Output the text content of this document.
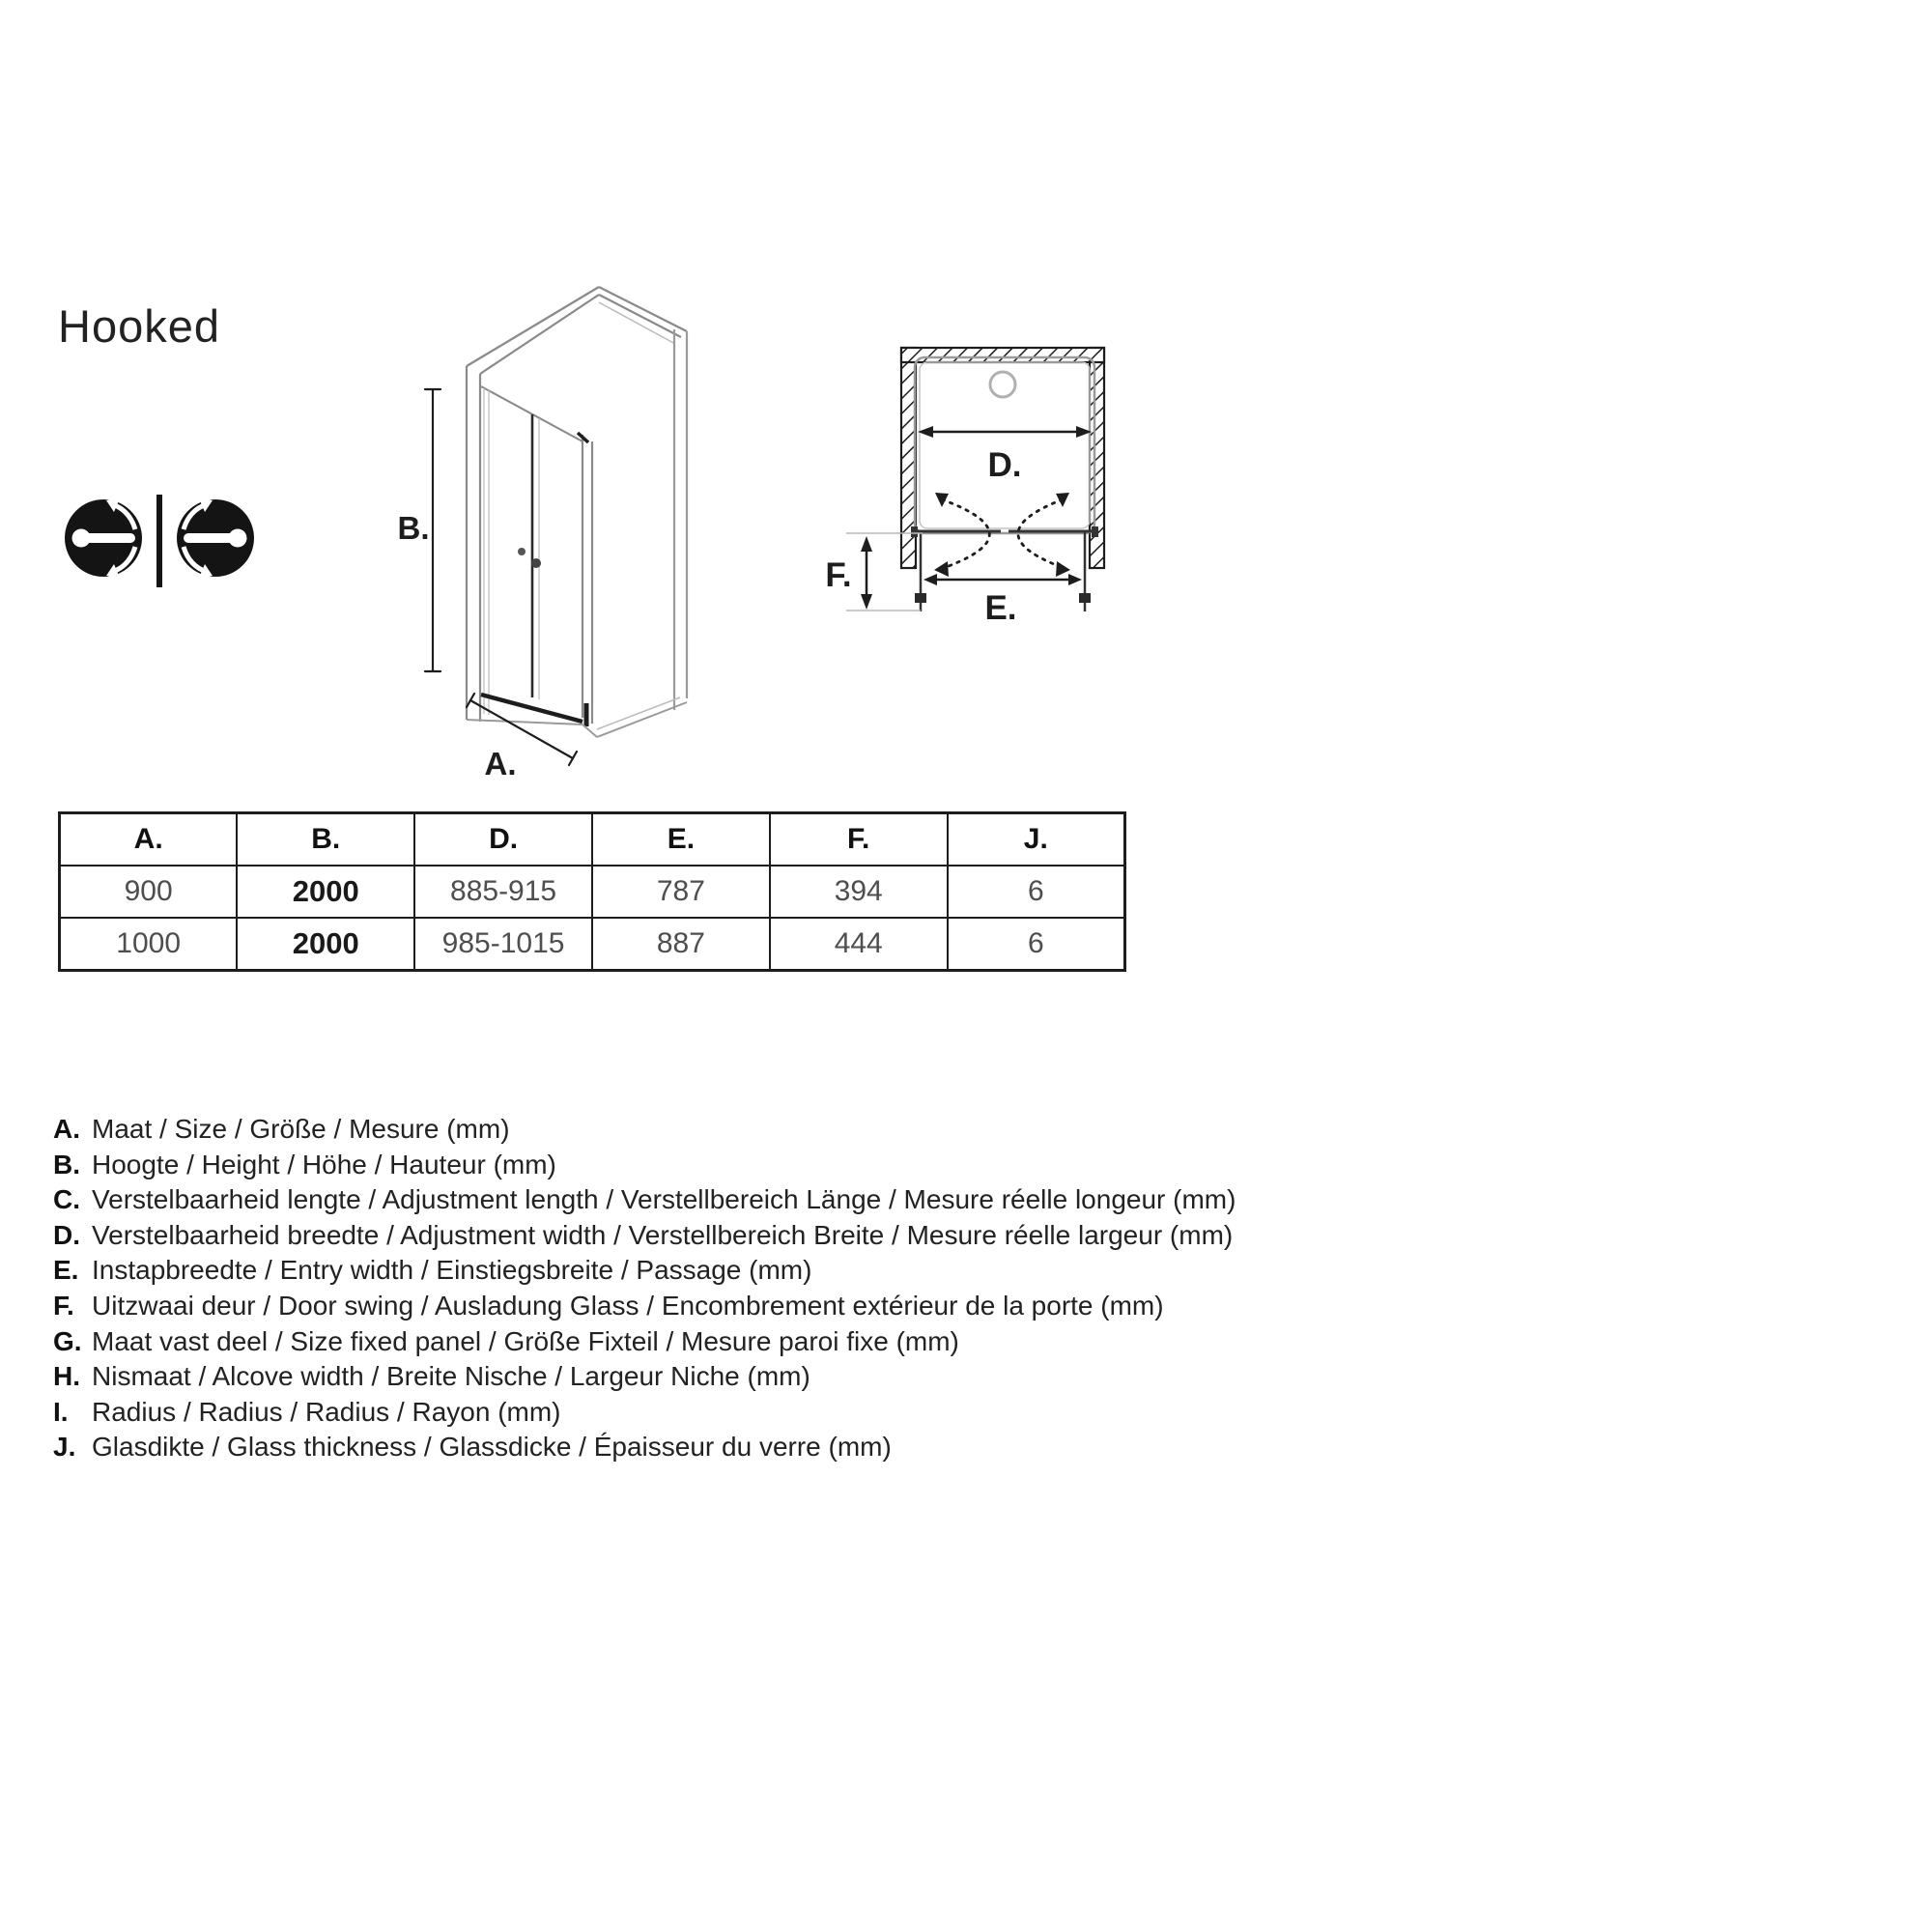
Hooked
B.
A.
D.
E.
F.
A.	B.	D.	E.	F.	J.
900	2000	885-915	787	394	6
1000	2000	985-1015	887	444	6
A. Maat / Size / Größe / Mesure (mm)
B. Hoogte / Height / Höhe / Hauteur (mm)
C. Verstelbaarheid lengte / Adjustment length / Verstellbereich Länge / Mesure réelle longeur (mm)
D. Verstelbaarheid breedte / Adjustment width / Verstellbereich Breite / Mesure réelle largeur (mm)
E. Instapbreedte / Entry width / Einstiegsbreite / Passage (mm)
F. Uitzwaai deur / Door swing / Ausladung Glass / Encombrement extérieur de la porte (mm)
G. Maat vast deel / Size fixed panel / Größe Fixteil / Mesure paroi fixe (mm)
H. Nismaat / Alcove width / Breite Nische / Largeur Niche (mm)
I. Radius / Radius / Radius / Rayon (mm)
J. Glasdikte / Glass thickness / Glassdicke / Épaisseur du verre (mm)
